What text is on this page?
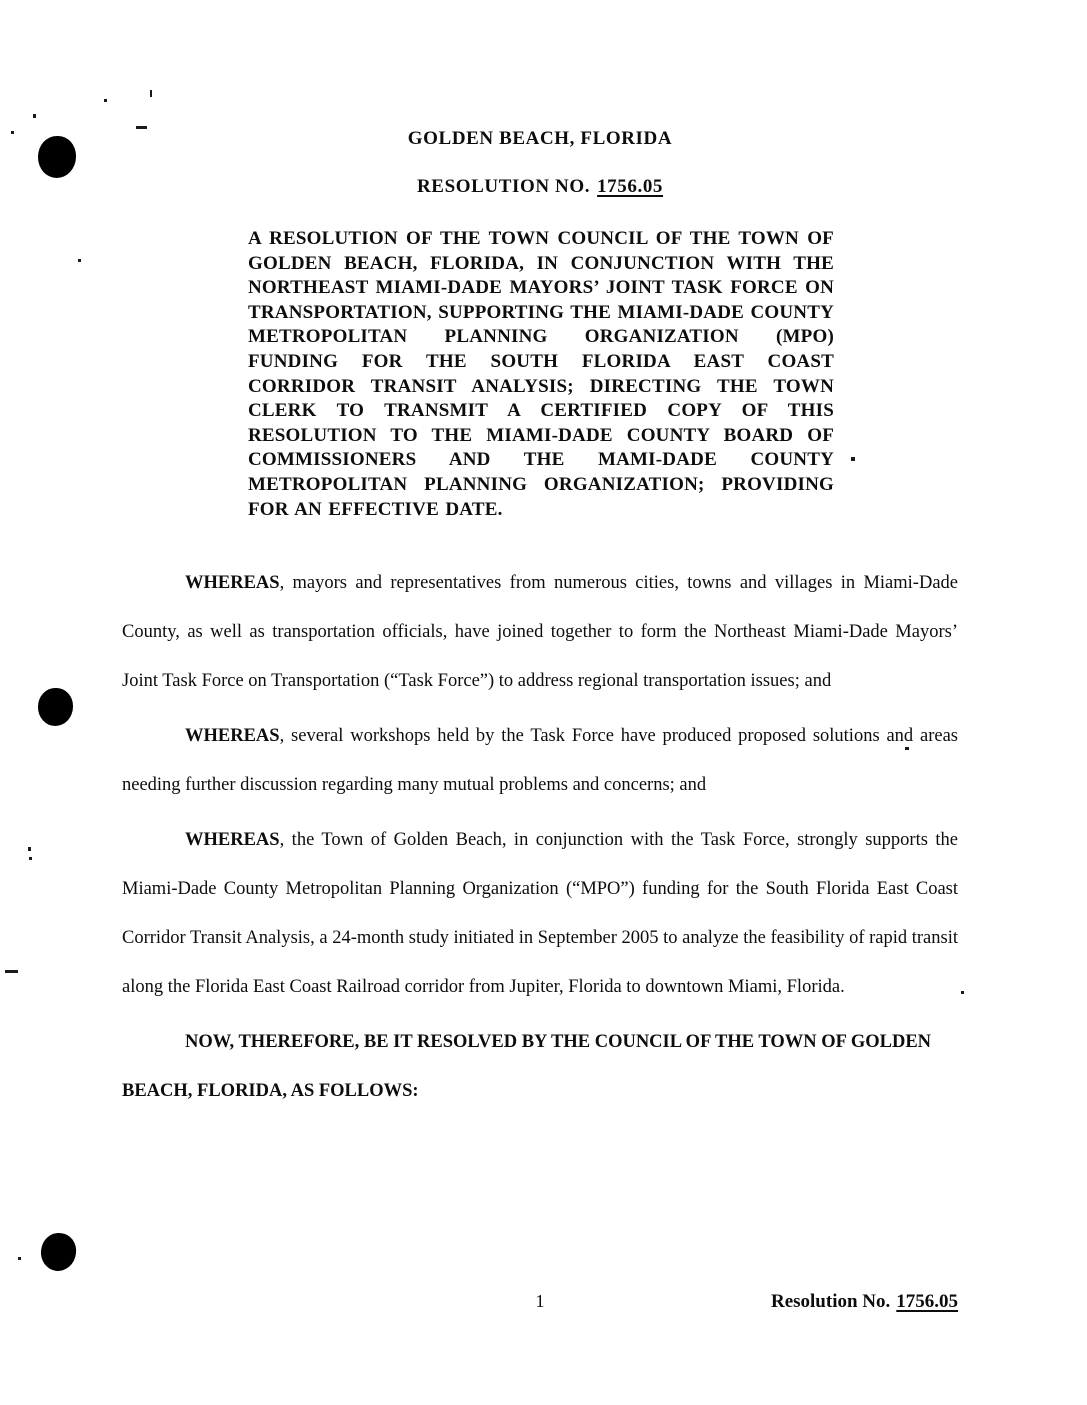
GOLDEN BEACH, FLORIDA
RESOLUTION NO. 1756.05
A RESOLUTION OF THE TOWN COUNCIL OF THE TOWN OF GOLDEN BEACH, FLORIDA, IN CONJUNCTION WITH THE NORTHEAST MIAMI-DADE MAYORS’ JOINT TASK FORCE ON TRANSPORTATION, SUPPORTING THE MIAMI-DADE COUNTY METROPOLITAN PLANNING ORGANIZATION (MPO) FUNDING FOR THE SOUTH FLORIDA EAST COAST CORRIDOR TRANSIT ANALYSIS; DIRECTING THE TOWN CLERK TO TRANSMIT A CERTIFIED COPY OF THIS RESOLUTION TO THE MIAMI-DADE COUNTY BOARD OF COMMISSIONERS AND THE MAMI-DADE COUNTY METROPOLITAN PLANNING ORGANIZATION; PROVIDING FOR AN EFFECTIVE DATE.

WHEREAS, mayors and representatives from numerous cities, towns and villages in Miami-Dade County, as well as transportation officials, have joined together to form the Northeast Miami-Dade Mayors’ Joint Task Force on Transportation (“Task Force”) to address regional transportation issues; and

WHEREAS, several workshops held by the Task Force have produced proposed solutions and areas needing further discussion regarding many mutual problems and concerns; and

WHEREAS, the Town of Golden Beach, in conjunction with the Task Force, strongly supports the Miami-Dade County Metropolitan Planning Organization (“MPO”) funding for the South Florida East Coast Corridor Transit Analysis, a 24-month study initiated in September 2005 to analyze the feasibility of rapid transit along the Florida East Coast Railroad corridor from Jupiter, Florida to downtown Miami, Florida.

NOW, THEREFORE, BE IT RESOLVED BY THE COUNCIL OF THE TOWN OF GOLDEN BEACH, FLORIDA, AS FOLLOWS:

1	Resolution No. 1756.05
